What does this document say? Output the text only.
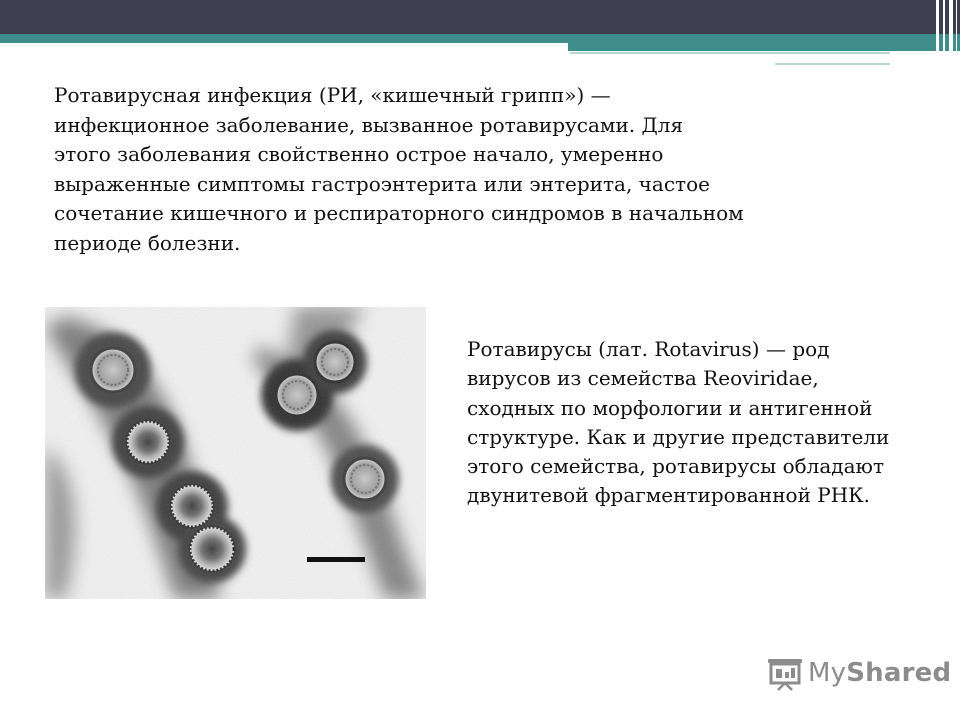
Ротавирусная инфекция (РИ, «кишечный грипп») — инфекционное заболевание, вызванное ротавирусами. Для этого заболевания свойственно острое начало, умеренно выраженные симптомы гастроэнтерита или энтерита, частое сочетание кишечного и респираторного синдромов в начальном периоде болезни.
Ротавирусы (лат. Rotavirus) — род вирусов из семейства Reoviridae, сходных по морфологии и антигенной структуре. Как и другие представители этого семейства, ротавирусы обладают двунитевой фрагментированной РНК.
MyShared
